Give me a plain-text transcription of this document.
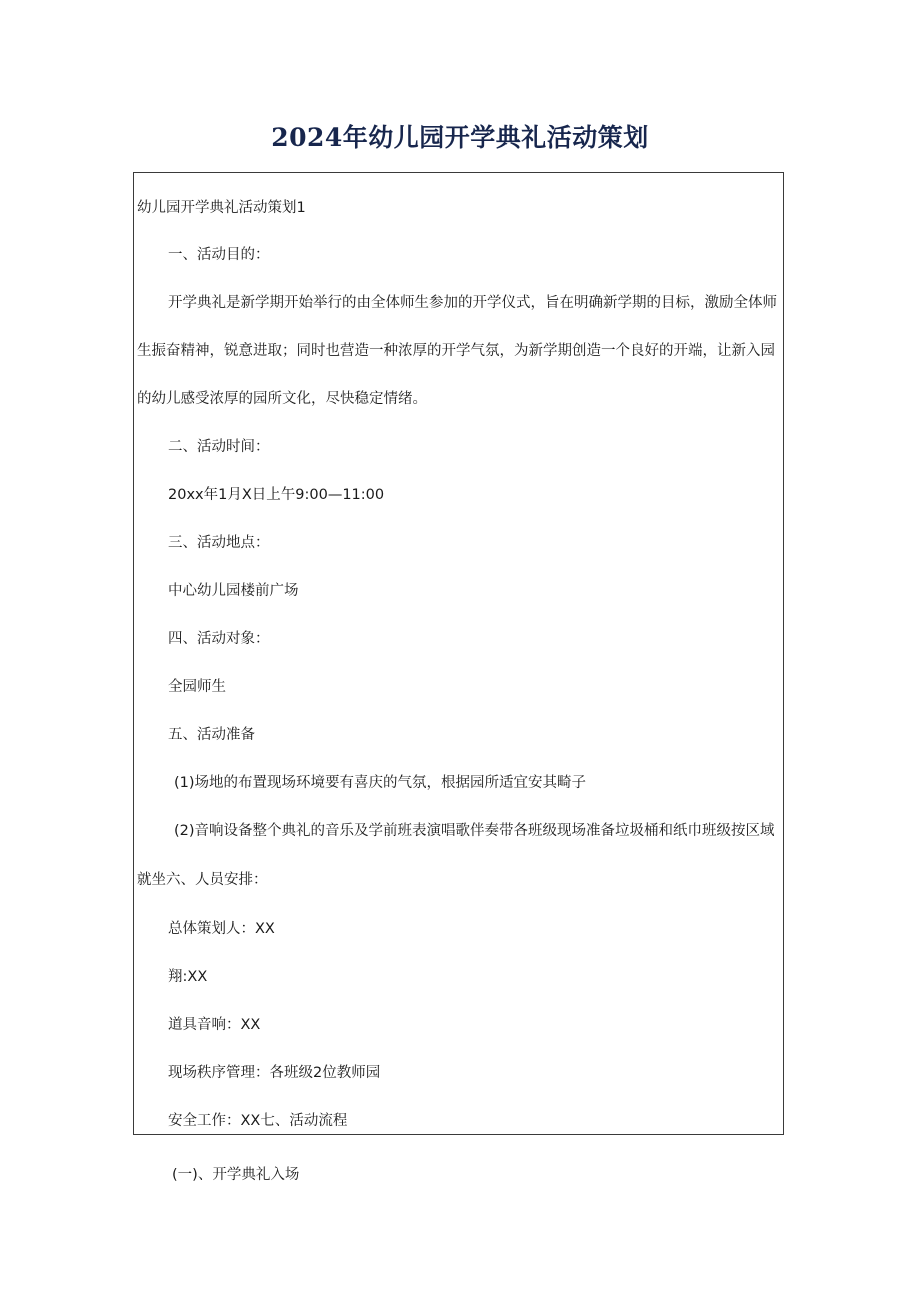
2024年幼儿园开学典礼活动策划
幼儿园开学典礼活动策划1
一、活动目的：
开学典礼是新学期开始举行的由全体师生参加的开学仪式，旨在明确新学期的目标，激励全体师
生振奋精神，锐意进取；同时也营造一种浓厚的开学气氛，为新学期创造一个良好的开端，让新入园
的幼儿感受浓厚的园所文化，尽快稳定情绪。
二、活动时间：
20xx年1月X日上午9:00—11:00
三、活动地点：
中心幼儿园楼前广场
四、活动对象：
全园师生
五、活动准备
(1)场地的布置现场环境要有喜庆的气氛，根据园所适宜安其畸子
(2)音响设备整个典礼的音乐及学前班表演唱歌伴奏带各班级现场准备垃圾桶和纸巾班级按区域
就坐六、人员安排：
总体策划人：XX
翔:XX
道具音响：XX
现场秩序管理：各班级2位教师园
安全工作：XX七、活动流程
(一)、开学典礼入场
